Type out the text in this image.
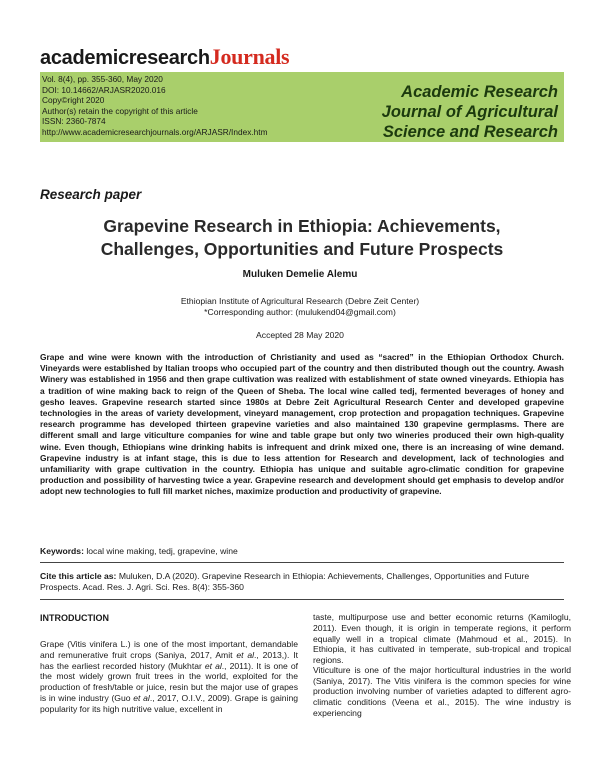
academicresearchJournals
Vol. 8(4), pp. 355-360, May 2020
DOI: 10.14662/ARJASR2020.016
Copy©right 2020
Author(s) retain the copyright of this article
ISSN: 2360-7874
http://www.academicresearchjournals.org/ARJASR/Index.htm
Academic Research
Journal of Agricultural
Science and Research
Research paper
Grapevine Research in Ethiopia: Achievements,
Challenges, Opportunities and Future Prospects
Muluken Demelie Alemu
Ethiopian Institute of Agricultural Research (Debre Zeit Center)
*Corresponding author: (mulukend04@gmail.com)
Accepted 28 May 2020

Grape and wine were known with the introduction of Christianity and used as “sacred” in the Ethiopian Orthodox Church. Vineyards were established by Italian troops who occupied part of the country and then distributed though out the country. Awash Winery was established in 1956 and then grape cultivation was realized with establishment of state owned vineyards. Ethiopia has a tradition of wine making back to reign of the Queen of Sheba. The local wine called tedj, fermented beverages of honey and gesho leaves. Grapevine research started since 1980s at Debre Zeit Agricultural Research Center and developed grapevine technologies in the areas of variety development, vineyard management, crop protection and propagation techniques. Grapevine research programme has developed thirteen grapevine varieties and also maintained 130 grapevine germplasms. There are different small and large viticulture companies for wine and table grape but only two wineries produced their own high-quality wine. Even though, Ethiopians wine drinking habits is infrequent and drink mixed one, there is an increasing of wine demand. Grapevine industry is at infant stage, this is due to less attention for Research and development, lack of technologies and unfamiliarity with grape cultivation in the country. Ethiopia has unique and suitable agro-climatic condition for grapevine production and possibility of harvesting twice a year. Grapevine research and development should get emphasis to develop and/or adopt new technologies to full fill market niches, maximize production and productivity of grapevine.

Keywords: local wine making, tedj, grapevine, wine

Cite this article as: Muluken, D.A (2020). Grapevine Research in Ethiopia: Achievements, Challenges, Opportunities and Future Prospects. Acad. Res. J. Agri. Sci. Res. 8(4): 355-360

INTRODUCTION

Grape (Vitis vinifera L.) is one of the most important, demandable and remunerative fruit crops (Saniya, 2017, Amit et al., 2013,). It has the earliest recorded history (Mukhtar et al., 2011). It is one of the most widely grown fruit trees in the world, exploited for the production of fresh/table or juice, resin but the major use of grapes is in wine industry (Guo et al., 2017, O.I.V., 2009). Grape is gaining popularity for its high nutritive value, excellent in

taste, multipurpose use and better economic returns (Kamiloglu, 2011). Even though, it is origin in temperate regions, it perform equally well in a tropical climate (Mahmoud et al., 2015). In Ethiopia, it has cultivated in temperate, sub-tropical and tropical regions.

Viticulture is one of the major horticultural industries in the world (Saniya, 2017). The Vitis vinifera is the common species for wine production involving number of varieties adapted to different agro-climatic conditions (Veena et al., 2015). The wine industry is experiencing
